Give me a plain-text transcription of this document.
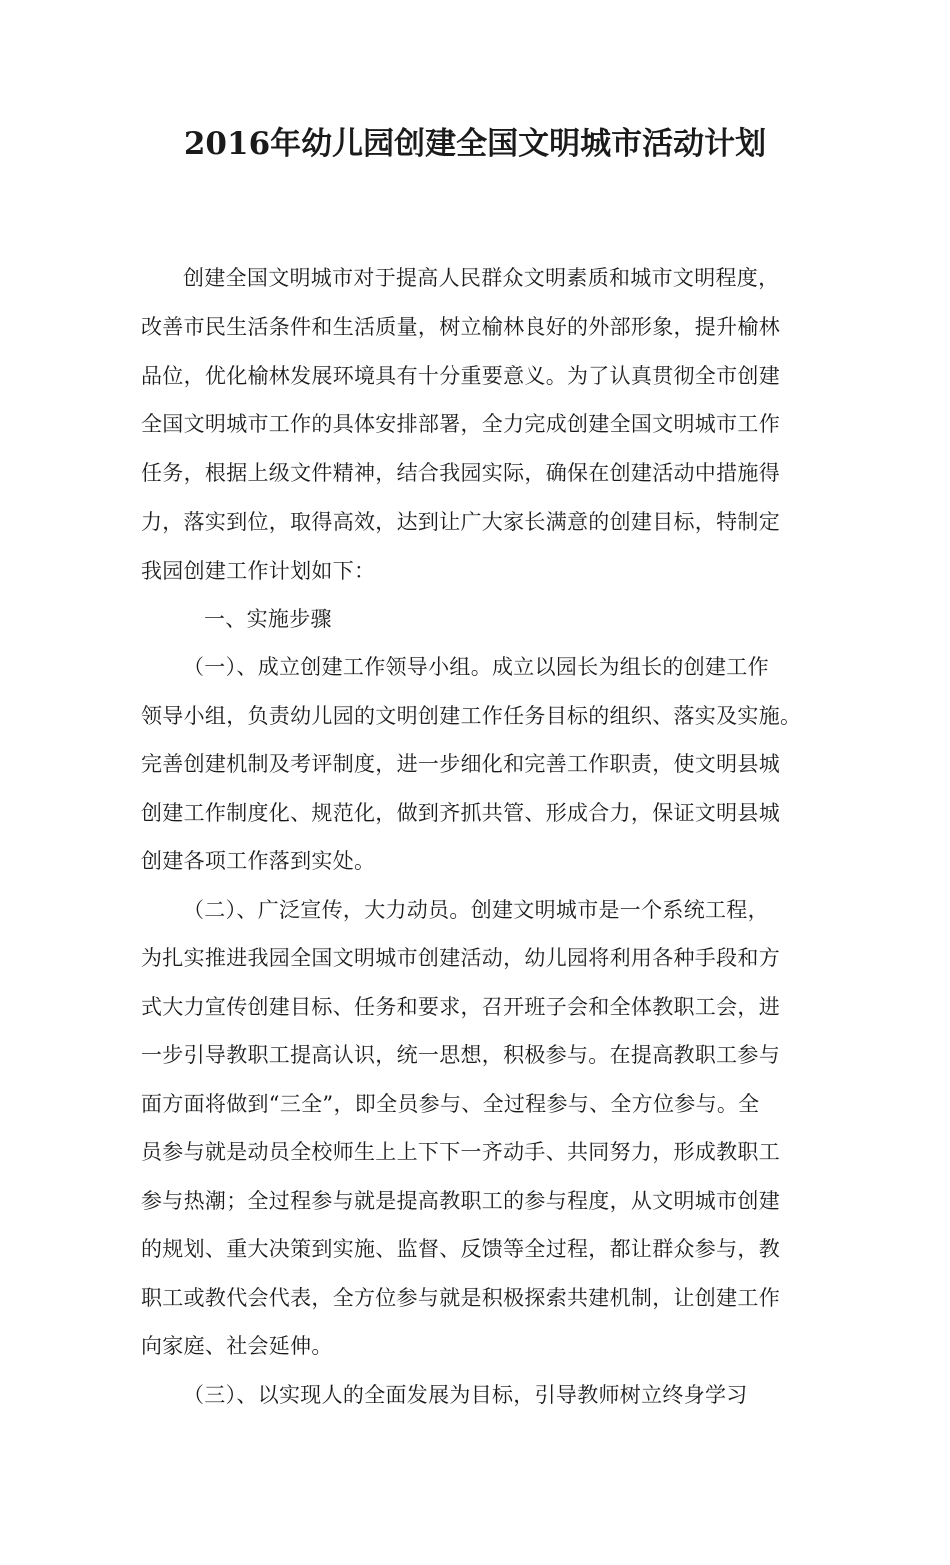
2016年幼儿园创建全国文明城市活动计划

创建全国文明城市对于提高人民群众文明素质和城市文明程度，

改善市民生活条件和生活质量，树立榆林良好的外部形象，提升榆林

品位，优化榆林发展环境具有十分重要意义。为了认真贯彻全市创建

全国文明城市工作的具体安排部署，全力完成创建全国文明城市工作

任务，根据上级文件精神，结合我园实际，确保在创建活动中措施得

力，落实到位，取得高效，达到让广大家长满意的创建目标，特制定

我园创建工作计划如下：

一、实施步骤

（一）、成立创建工作领导小组。成立以园长为组长的创建工作

领导小组，负责幼儿园的文明创建工作任务目标的组织、落实及实施。

完善创建机制及考评制度，进一步细化和完善工作职责，使文明县城

创建工作制度化、规范化，做到齐抓共管、形成合力，保证文明县城

创建各项工作落到实处。

（二）、广泛宣传，大力动员。创建文明城市是一个系统工程，

为扎实推进我园全国文明城市创建活动，幼儿园将利用各种手段和方

式大力宣传创建目标、任务和要求，召开班子会和全体教职工会，进

一步引导教职工提高认识，统一思想，积极参与。在提高教职工参与

面方面将做到“三全”，即全员参与、全过程参与、全方位参与。全

员参与就是动员全校师生上上下下一齐动手、共同努力，形成教职工

参与热潮；全过程参与就是提高教职工的参与程度，从文明城市创建

的规划、重大决策到实施、监督、反馈等全过程，都让群众参与，教

职工或教代会代表，全方位参与就是积极探索共建机制，让创建工作

向家庭、社会延伸。

（三）、以实现人的全面发展为目标，引导教师树立终身学习
